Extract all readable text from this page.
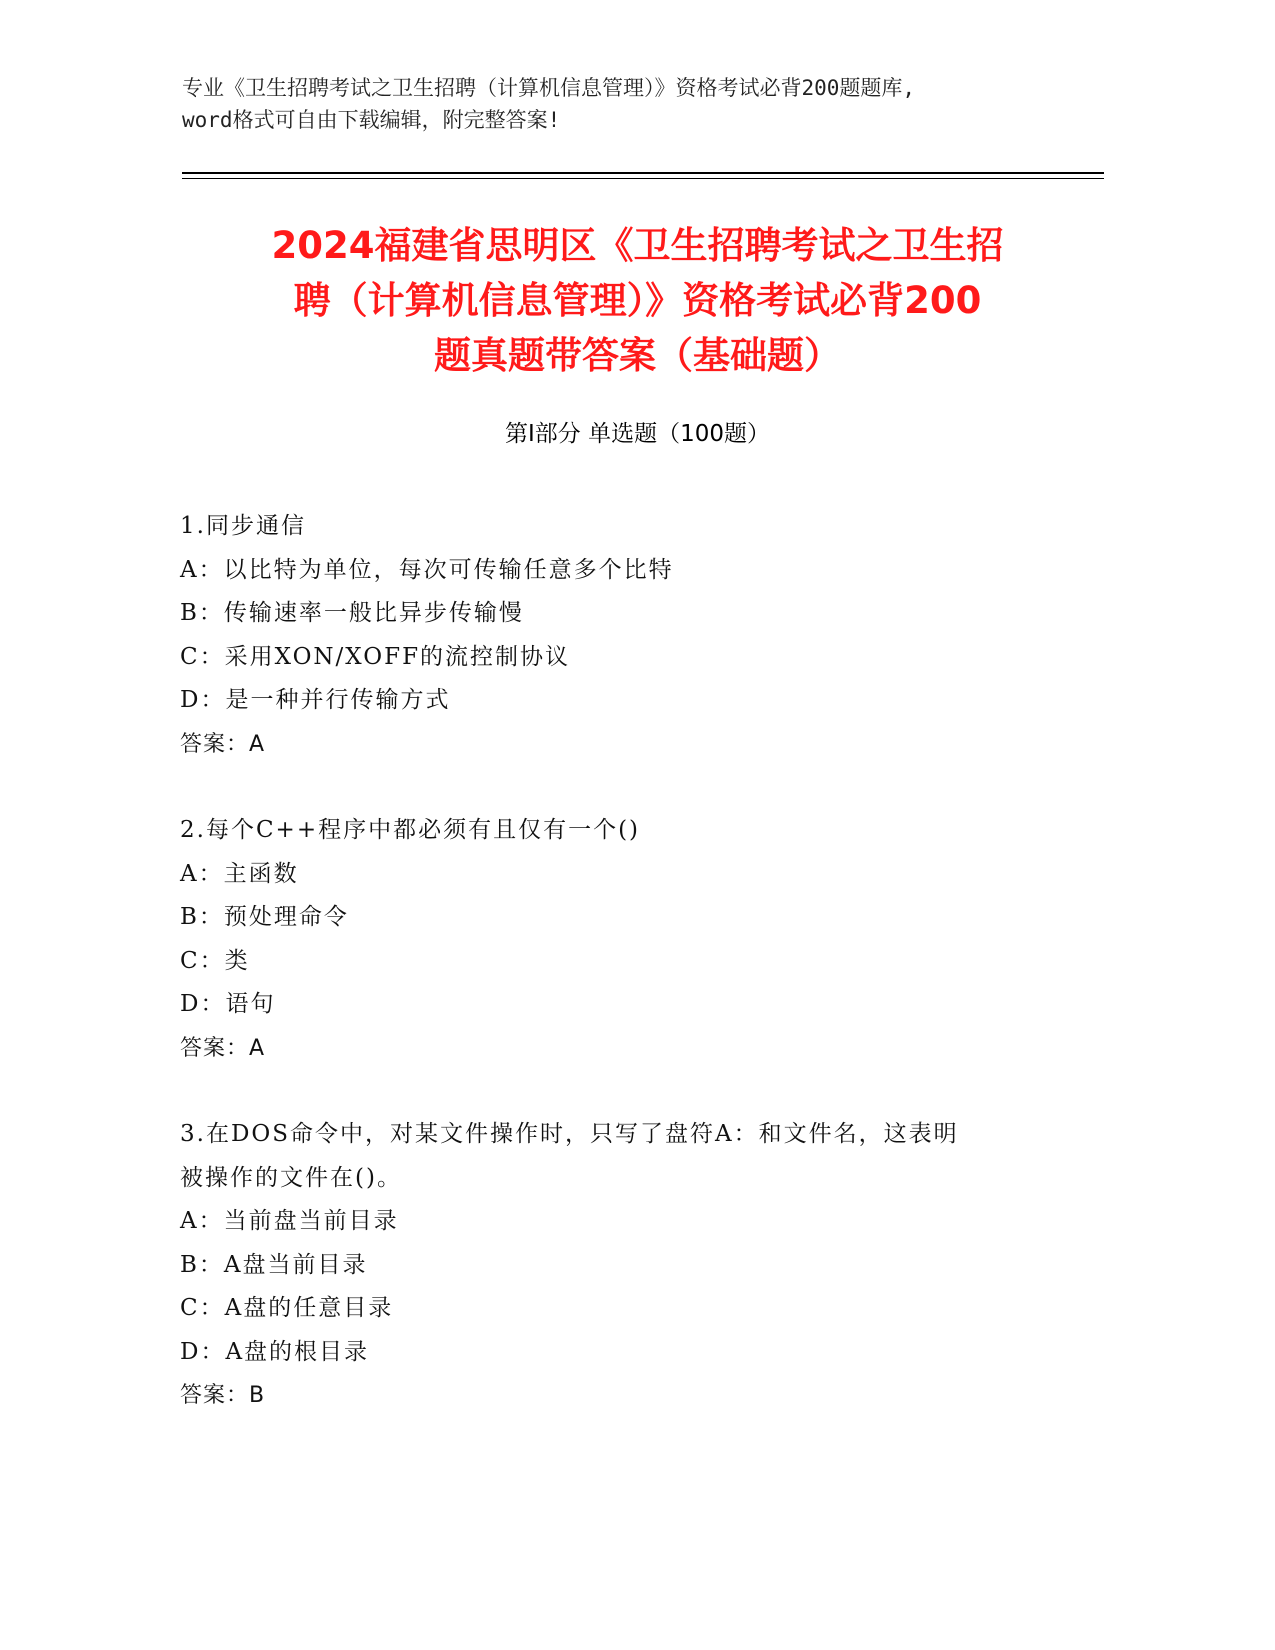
专业《卫生招聘考试之卫生招聘（计算机信息管理）》资格考试必背200题题库,
word格式可自由下载编辑，附完整答案!
2024福建省思明区《卫生招聘考试之卫生招
聘（计算机信息管理）》资格考试必背200
题真题带答案（基础题）
第I部分 单选题（100题）
1.同步通信
A：以比特为单位，每次可传输任意多个比特
B：传输速率一般比异步传输慢
C：采用XON/XOFF的流控制协议
D：是一种并行传输方式
答案：A
2.每个C++程序中都必须有且仅有一个()
A：主函数
B：预处理命令
C：类
D：语句
答案：A
3.在DOS命令中，对某文件操作时，只写了盘符A：和文件名，这表明
被操作的文件在()。
A：当前盘当前目录
B：A盘当前目录
C：A盘的任意目录
D：A盘的根目录
答案：B
